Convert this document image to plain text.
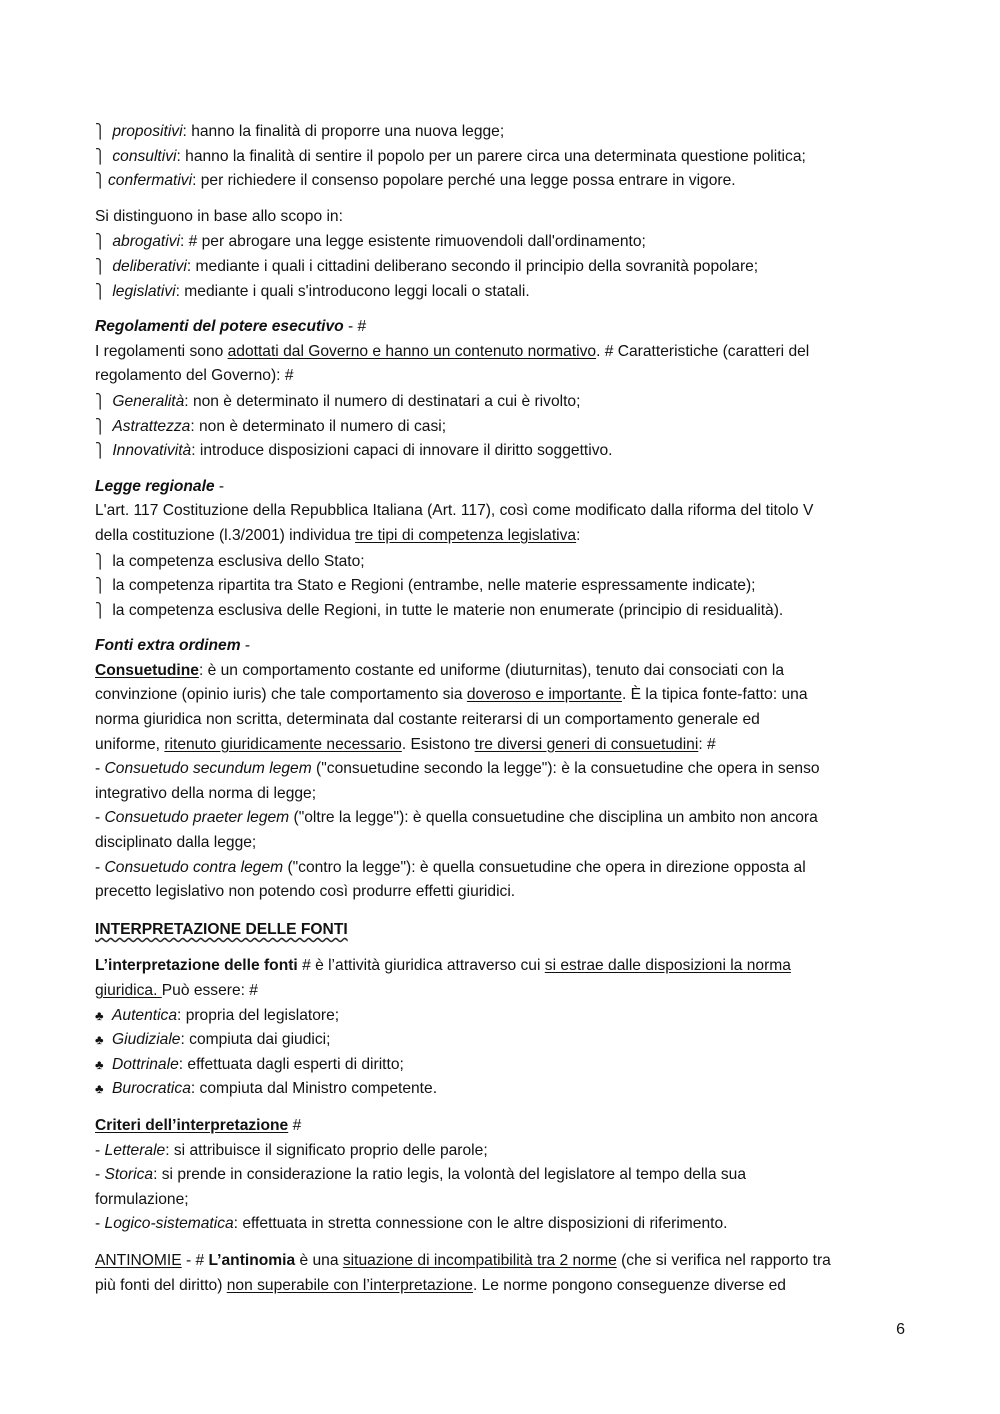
⎫ propositivi: hanno la finalità di proporre una nuova legge;
⎫ consultivi: hanno la finalità di sentire il popolo per un parere circa una determinata questione politica;
⎫ confermativi: per richiedere il consenso popolare perché una legge possa entrare in vigore.
Si distinguono in base allo scopo in:
⎫ abrogativi: # per abrogare una legge esistente rimuovendoli dall'ordinamento;
⎫ deliberativi: mediante i quali i cittadini deliberano secondo il principio della sovranità popolare;
⎫ legislativi: mediante i quali s'introducono leggi locali o statali.
Regolamenti del potere esecutivo - #
I regolamenti sono adottati dal Governo e hanno un contenuto normativo. # Caratteristiche (caratteri del
regolamento del Governo): #
⎫ Generalità: non è determinato il numero di destinatari a cui è rivolto;
⎫ Astrattezza: non è determinato il numero di casi;
⎫ Innovatività: introduce disposizioni capaci di innovare il diritto soggettivo.
Legge regionale -
L'art. 117 Costituzione della Repubblica Italiana (Art. 117), così come modificato dalla riforma del titolo V
della costituzione (l.3/2001) individua tre tipi di competenza legislativa:
⎫ la competenza esclusiva dello Stato;
⎫ la competenza ripartita tra Stato e Regioni (entrambe, nelle materie espressamente indicate);
⎫ la competenza esclusiva delle Regioni, in tutte le materie non enumerate (principio di residualità).
Fonti extra ordinem -
Consuetudine: è un comportamento costante ed uniforme (diuturnitas), tenuto dai consociati con la
convinzione (opinio iuris) che tale comportamento sia doveroso e importante. È la tipica fonte-fatto: una
norma giuridica non scritta, determinata dal costante reiterarsi di un comportamento generale ed
uniforme, ritenuto giuridicamente necessario. Esistono tre diversi generi di consuetudini: #
- Consuetudo secundum legem ("consuetudine secondo la legge"): è la consuetudine che opera in senso
integrativo della norma di legge;
- Consuetudo praeter legem ("oltre la legge"): è quella consuetudine che disciplina un ambito non ancora
disciplinato dalla legge;
- Consuetudo contra legem ("contro la legge"): è quella consuetudine che opera in direzione opposta al
precetto legislativo non potendo così produrre effetti giuridici.
INTERPRETAZIONE DELLE FONTI
L’interpretazione delle fonti # è l’attività giuridica attraverso cui si estrae dalle disposizioni la norma
giuridica. Può essere: #
♣ Autentica: propria del legislatore;
♣ Giudiziale: compiuta dai giudici;
♣ Dottrinale: effettuata dagli esperti di diritto;
♣ Burocratica: compiuta dal Ministro competente.
Criteri dell’interpretazione #
- Letterale: si attribuisce il significato proprio delle parole;
- Storica: si prende in considerazione la ratio legis, la volontà del legislatore al tempo della sua
formulazione;
- Logico-sistematica: effettuata in stretta connessione con le altre disposizioni di riferimento.
ANTINOMIE - # L’antinomia è una situazione di incompatibilità tra 2 norme (che si verifica nel rapporto tra
più fonti del diritto) non superabile con l’interpretazione. Le norme pongono conseguenze diverse ed
6
